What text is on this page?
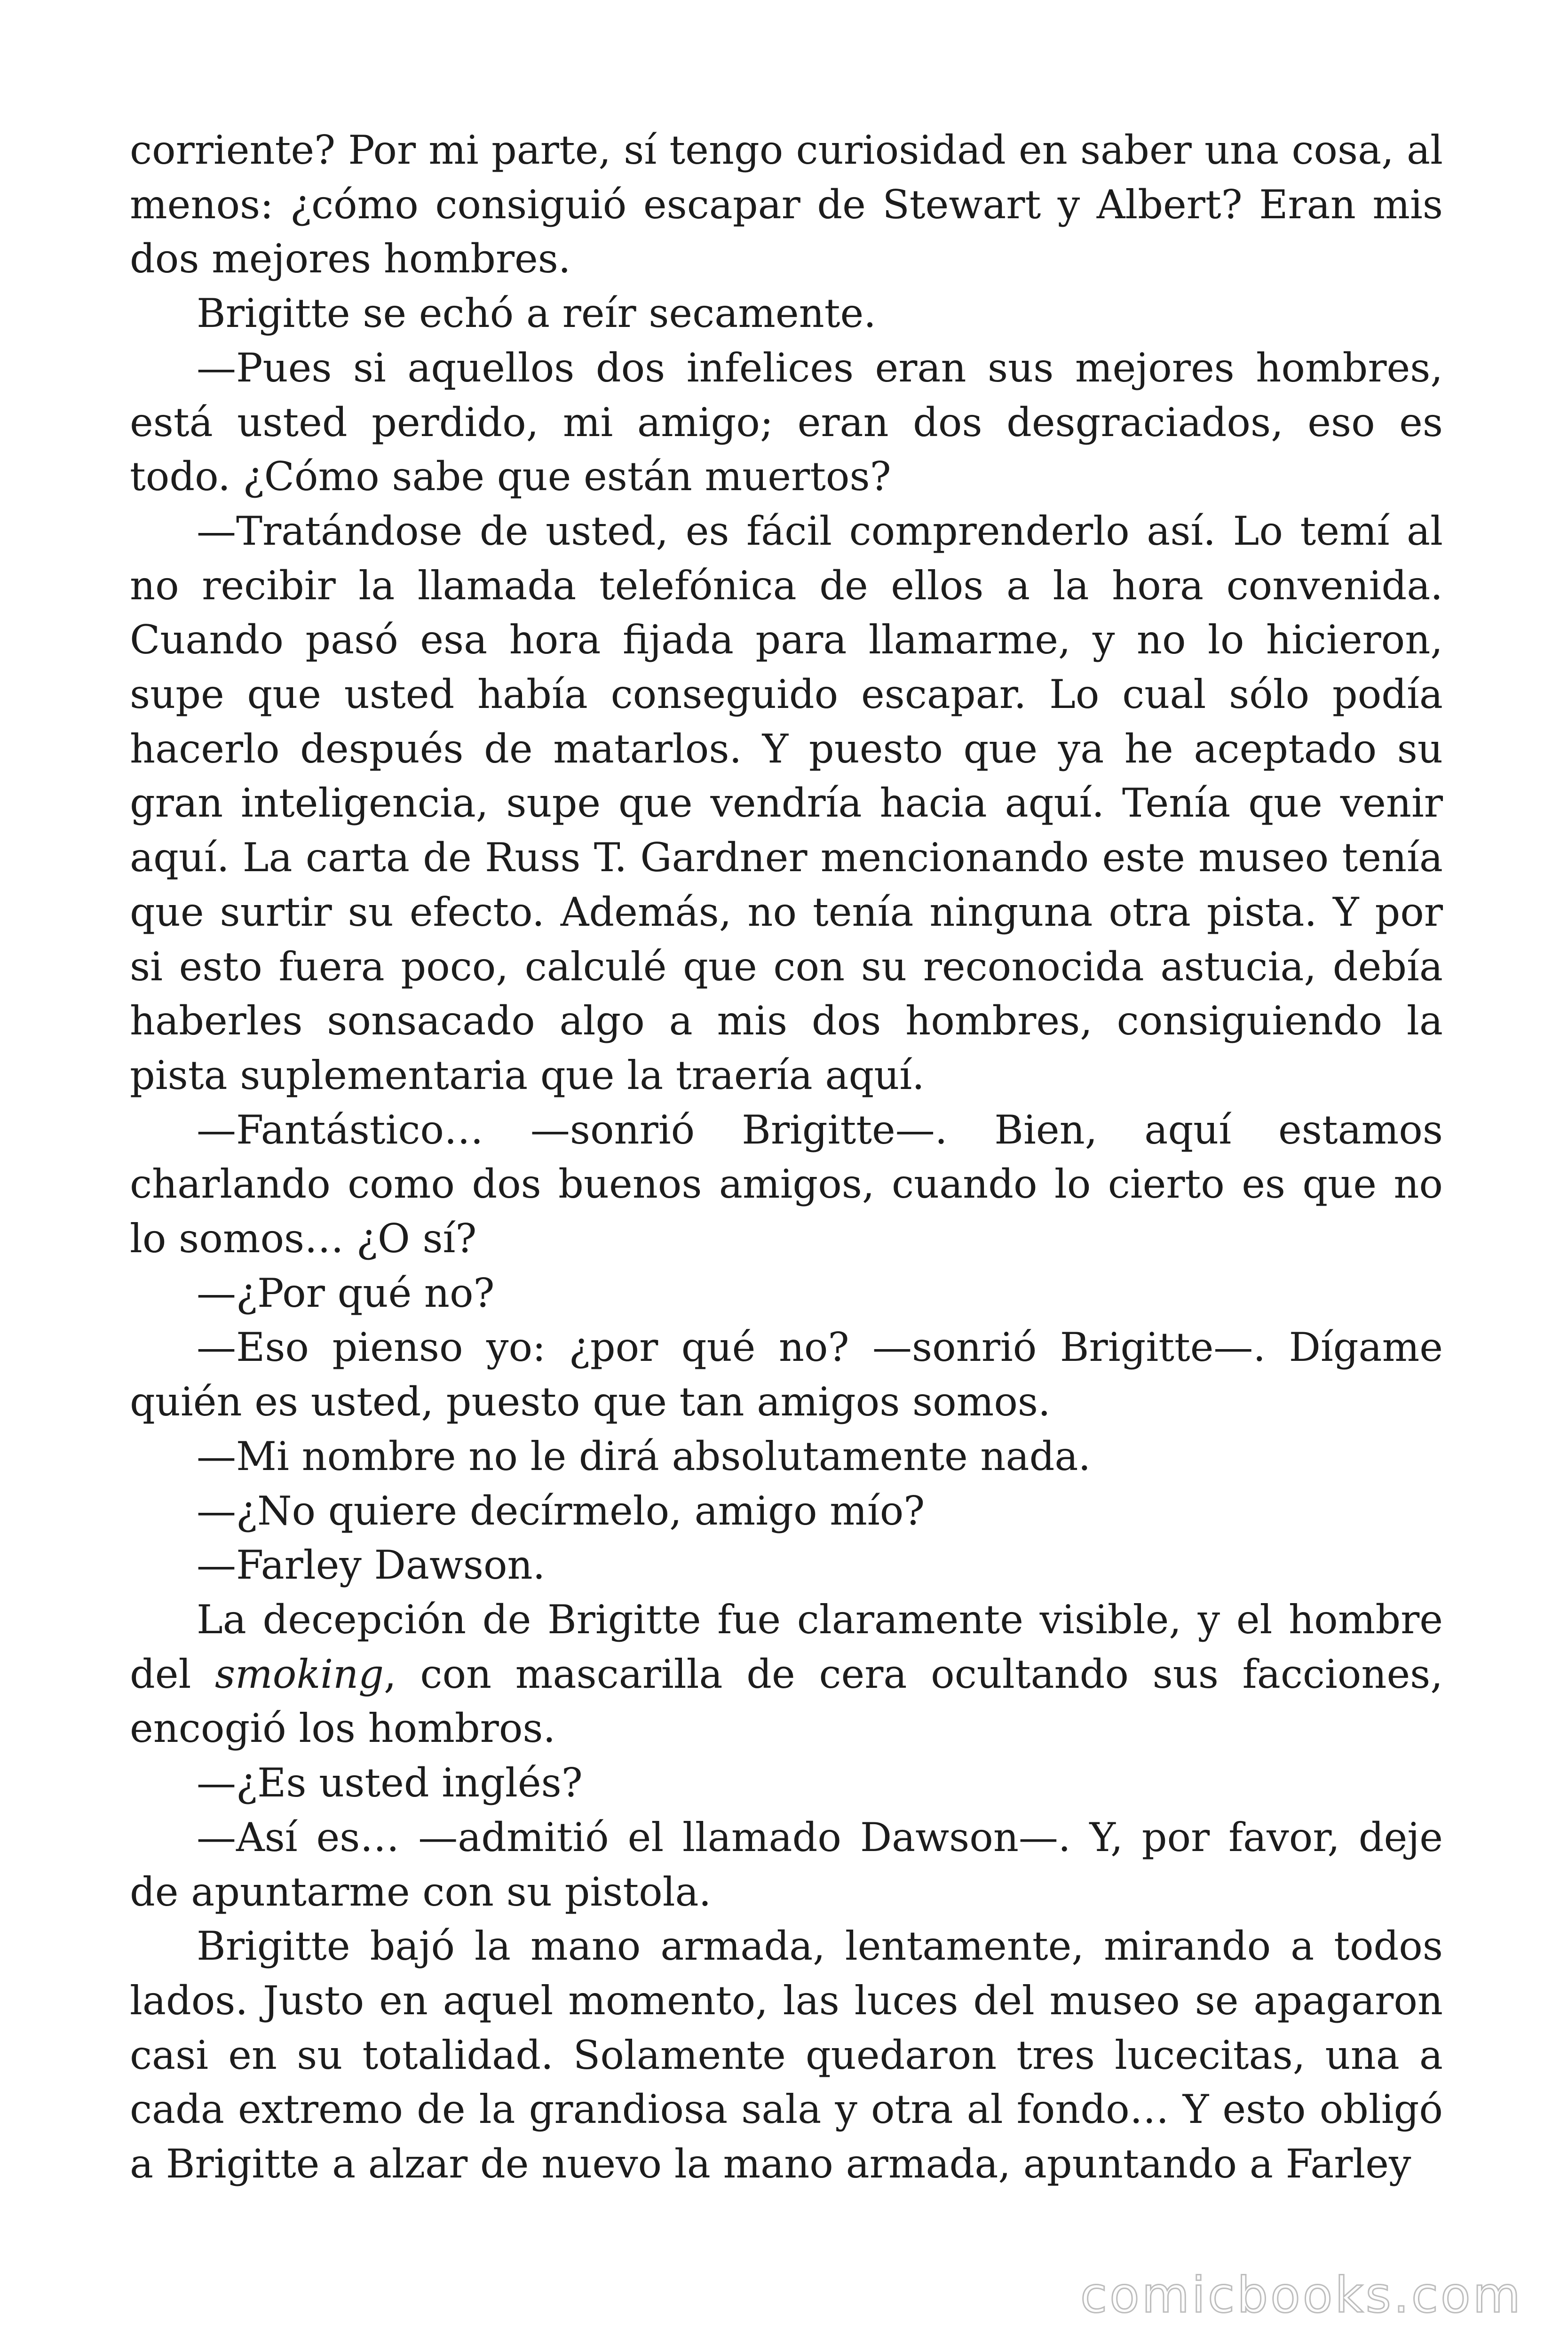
corriente? Por mi parte, sí tengo curiosidad en saber una cosa, al menos: ¿cómo consiguió escapar de Stewart y Albert? Eran mis dos mejores hombres.

Brigitte se echó a reír secamente.

—Pues si aquellos dos infelices eran sus mejores hombres, está usted perdido, mi amigo; eran dos desgraciados, eso es todo. ¿Cómo sabe que están muertos?

—Tratándose de usted, es fácil comprenderlo así. Lo temí al no recibir la llamada telefónica de ellos a la hora convenida. Cuando pasó esa hora fijada para llamarme, y no lo hicieron, supe que usted había conseguido escapar. Lo cual sólo podía hacerlo después de matarlos. Y puesto que ya he aceptado su gran inteligencia, supe que vendría hacia aquí. Tenía que venir aquí. La carta de Russ T. Gardner mencionando este museo tenía que surtir su efecto. Además, no tenía ninguna otra pista. Y por si esto fuera poco, calculé que con su reconocida astucia, debía haberles sonsacado algo a mis dos hombres, consiguiendo la pista suplementaria que la traería aquí.

—Fantástico… —sonrió Brigitte—. Bien, aquí estamos charlando como dos buenos amigos, cuando lo cierto es que no lo somos… ¿O sí?

—¿Por qué no?

—Eso pienso yo: ¿por qué no? —sonrió Brigitte—. Dígame quién es usted, puesto que tan amigos somos.

—Mi nombre no le dirá absolutamente nada.

—¿No quiere decírmelo, amigo mío?

—Farley Dawson.

La decepción de Brigitte fue claramente visible, y el hombre del smoking, con mascarilla de cera ocultando sus facciones, encogió los hombros.

—¿Es usted inglés?

—Así es… —admitió el llamado Dawson—. Y, por favor, deje de apuntarme con su pistola.

Brigitte bajó la mano armada, lentamente, mirando a todos lados. Justo en aquel momento, las luces del museo se apagaron casi en su totalidad. Solamente quedaron tres lucecitas, una a cada extremo de la grandiosa sala y otra al fondo… Y esto obligó a Brigitte a alzar de nuevo la mano armada, apuntando a Farley

comicbooks.com
